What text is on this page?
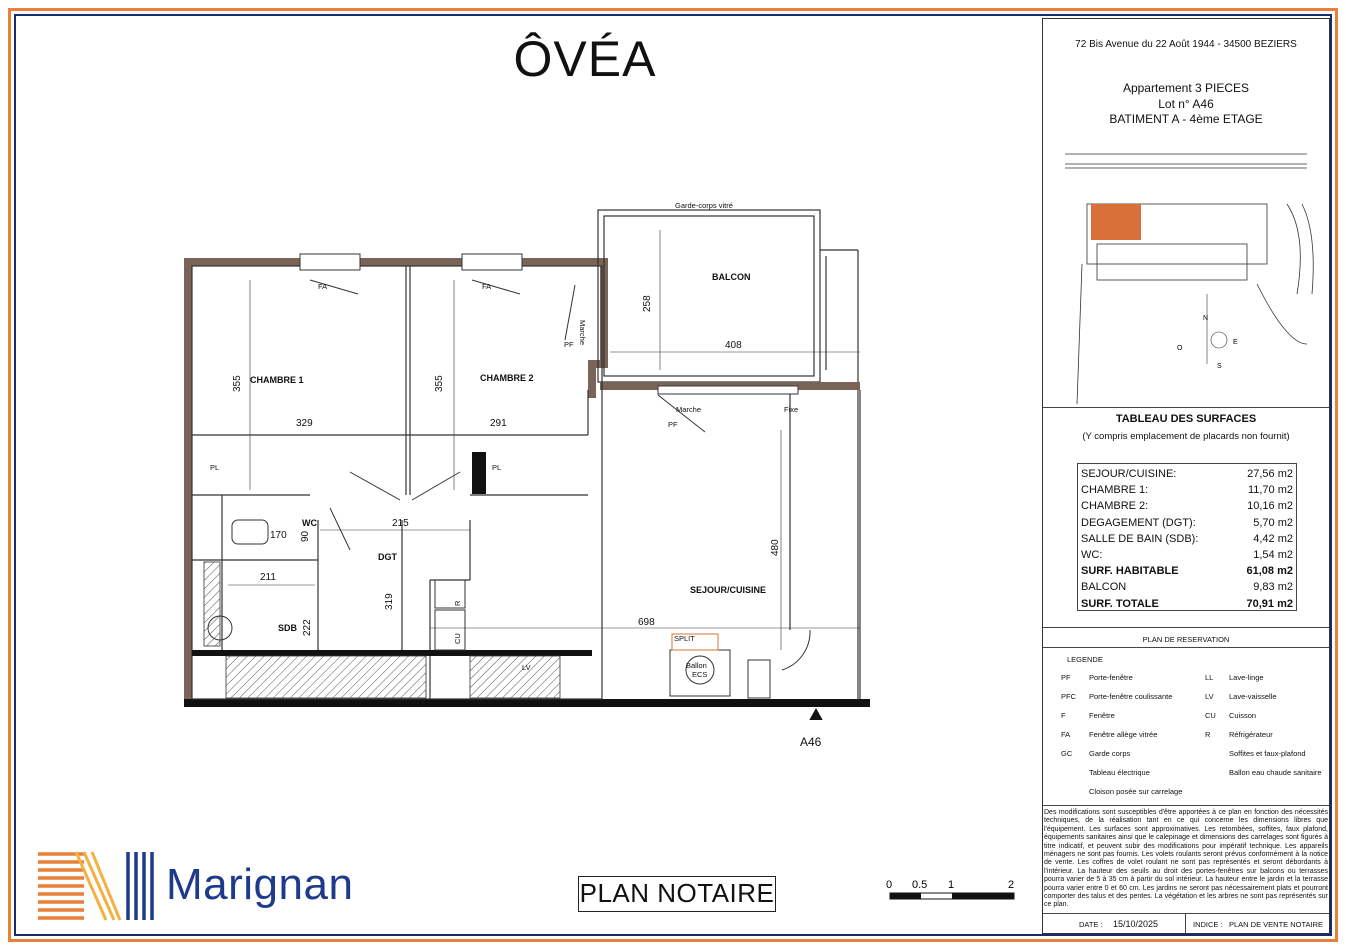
ÔVÉA
CHAMBRE 1	CHAMBRE 2
BALCON
DGT
WC
SDB
SEJOUR/CUISINE
355
329
355
291
258
408
215
170 90
211
319
222
480
698
Garde-corps vitré
FA	FA
PF
PF
Marche
Marche	Fixe
PL	PL
R
CU
LV	Ballon
ECS
SPLIT
A46
72 Bis Avenue du 22 Août 1944 - 34500 BEZIERS
Appartement 3 PIECES
Lot n° A46
BATIMENT A - 4ème ETAGE
N
E
S
O
TABLEAU DES SURFACES
(Y compris emplacement de placards non fournit)
SEJOUR/CUISINE:	27,56 m2
CHAMBRE 1:	11,70 m2
CHAMBRE 2:	10,16 m2
DEGAGEMENT (DGT):	5,70 m2
SALLE DE BAIN (SDB):	4,42 m2
WC:	1,54 m2
SURF. HABITABLE	61,08 m2
BALCON	9,83 m2
SURF. TOTALE	70,91 m2
PLAN DE RESERVATION
LEGENDE
PF Porte-fenêtre
PFC Porte-fenêtre coulissante
F	Fenêtre
FA	Fenêtre allège vitrée
GC Garde corps
Tableau électrique
Cloison posée sur carrelage
LL Lave-linge
LV Lave-vaisselle
CU Cuisson
R Réfrigérateur
Soffites et faux-plafond
Ballon eau chaude sanitaire
Des modifications sont susceptibles d'être apportées à ce plan en fonction des nécessités techniques, de la réalisation tant en ce qui concerne les dimensions libres que l'équipement. Les surfaces sont approximatives. Les retombées, soffites, faux plafond, équipements sanitaires ainsi que le calepinage et dimensions des carrelages sont figurés à titre indicatif, et peuvent subir des modifications pour impératif technique. Les appareils ménagers ne sont pas fournis. Les volets roulants seront prévus conformément à la notice de vente. Les coffres de volet roulant ne sont pas représentés et seront débordants à l'intérieur. La hauteur des seuils au droit des portes-fenêtres sur balcons ou terrasses pourra varier de 5 à 35 cm à partir du sol intérieur. La hauteur entre le jardin et la terrasse pourra varier entre 0 et 60 cm. Les jardins ne seront pas nécessairement plats et pourront comporter des talus et des pentes. La végétation et les arbres ne sont pas représentés sur ce plan.
DATE : 15/10/2025	INDICE : PLAN DE VENTE NOTAIRE
Marignan	PLAN NOTAIRE	0 0.5 1	2
